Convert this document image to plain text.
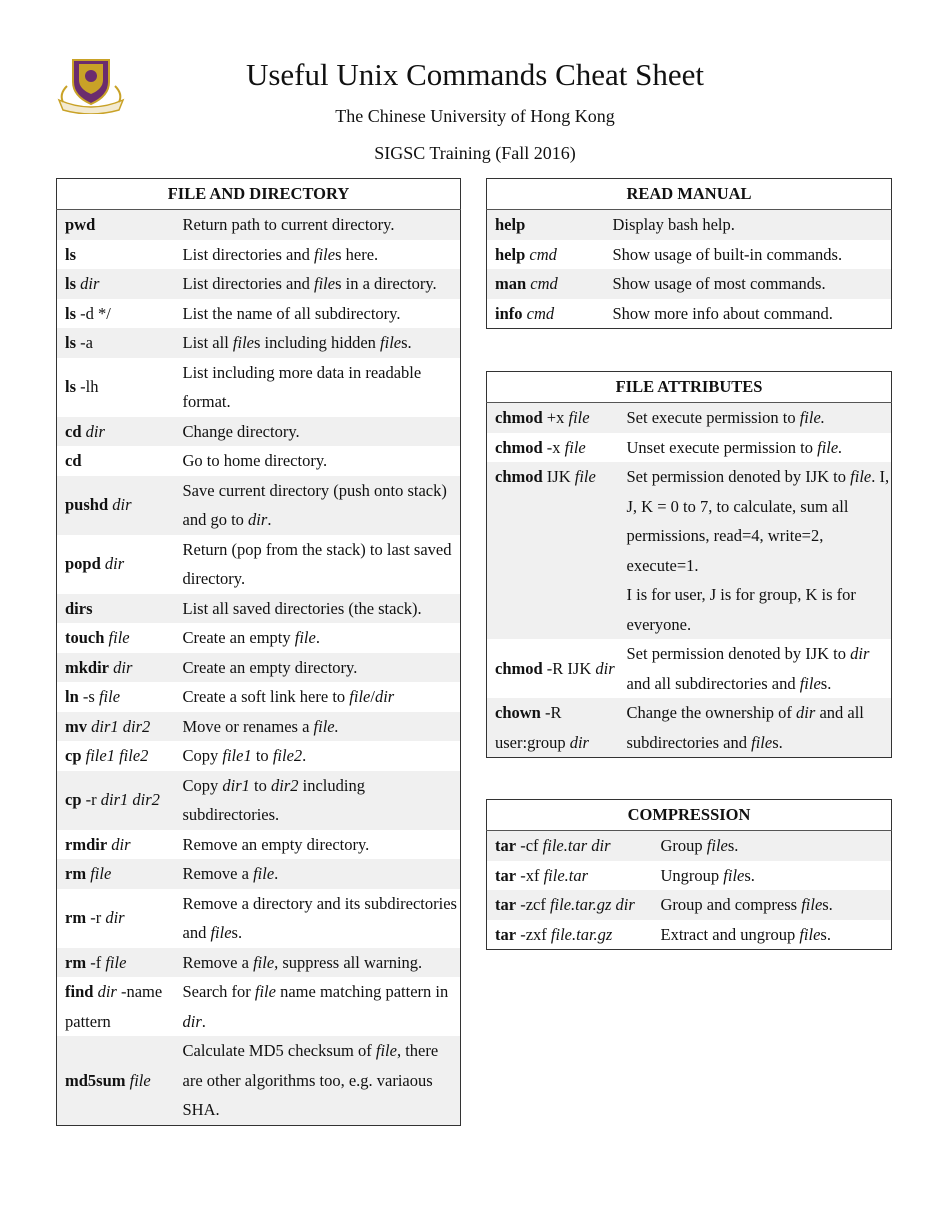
Useful Unix Commands Cheat Sheet
The Chinese University of Hong Kong
SIGSC Training (Fall 2016)
FILE AND DIRECTORY	
pwd	Return path to current directory.
ls	List directories and files here.
ls dir	List directories and files in a directory.
ls -d */	List the name of all subdirectory.
ls -a	List all files including hidden files.
ls -lh	List including more data in readable format.
cd dir	Change directory.
cd	Go to home directory.
pushd dir	Save current directory (push onto stack) and go to dir.
popd dir	Return (pop from the stack) to last saved directory.
dirs	List all saved directories (the stack).
touch file	Create an empty file.
mkdir dir	Create an empty directory.
ln -s file	Create a soft link here to file/dir
mv dir1 dir2	Move or renames a file.
cp file1 file2	Copy file1 to file2.
cp -r dir1 dir2	Copy dir1 to dir2 including subdirectories.
rmdir dir	Remove an empty directory.
rm file	Remove a file.
rm -r dir	Remove a directory and its subdirectories and files.
rm -f file	Remove a file, suppress all warning.
find dir -name pattern	Search for file name matching pattern in dir.
md5sum file	Calculate MD5 checksum of file, there are other algorithms too, e.g. variaous SHA.
READ MANUAL	
help	Display bash help.
help cmd	Show usage of built-in commands.
man cmd	Show usage of most commands.
info cmd	Show more info about command.
FILE ATTRIBUTES	
chmod +x file	Set execute permission to file.
chmod -x file	Unset execute permission to file.
chmod IJK file	Set permission denoted by IJK to file. I, J, K = 0 to 7, to calculate, sum all permissions, read=4, write=2, execute=1.
I is for user, J is for group, K is for everyone.
chmod -R IJK dir	Set permission denoted by IJK to dir and all subdirectories and files.
chown -R user:group dir	Change the ownership of dir and all subdirectories and files.
COMPRESSION	
tar -cf file.tar dir	Group files.
tar -xf file.tar	Ungroup files.
tar -zcf file.tar.gz dir	Group and compress files.
tar -zxf file.tar.gz	Extract and ungroup files.
